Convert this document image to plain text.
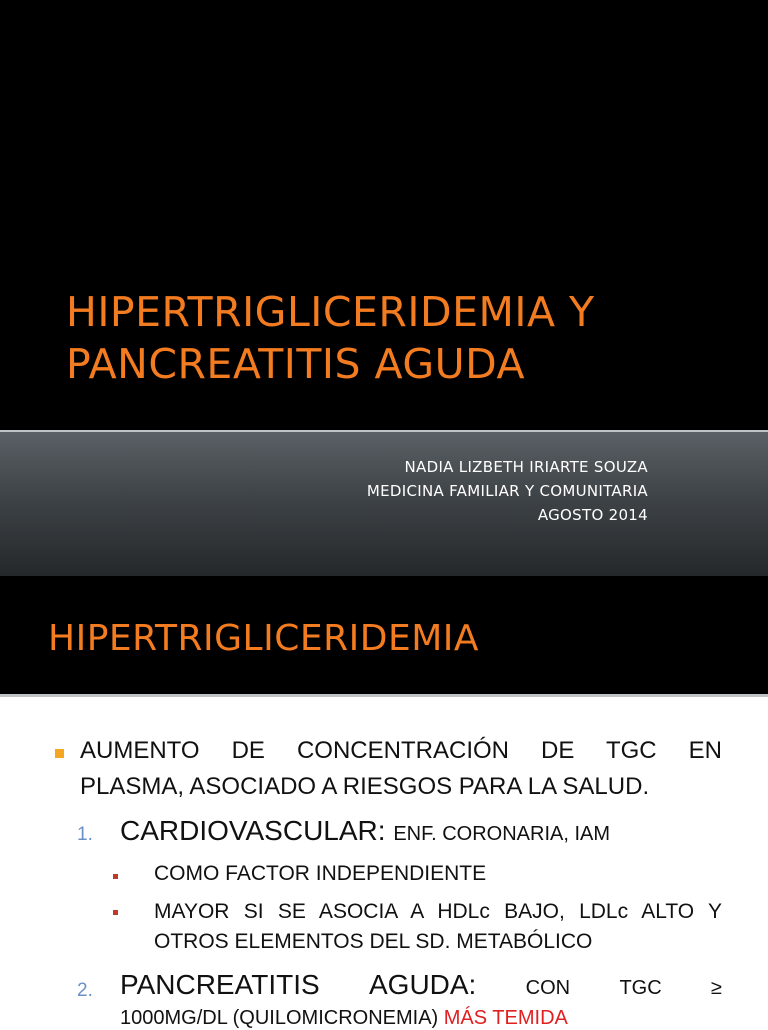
HIPERTRIGLICERIDEMIA Y
PANCREATITIS AGUDA
NADIA LIZBETH IRIARTE SOUZA
MEDICINA FAMILIAR Y COMUNITARIA
AGOSTO 2014
HIPERTRIGLICERIDEMIA
AUMENTO DE CONCENTRACIÓN DE TGC EN
PLASMA, ASOCIADO A RIESGOS PARA LA SALUD.
1. CARDIOVASCULAR: ENF. CORONARIA, IAM
COMO FACTOR INDEPENDIENTE
MAYOR SI SE ASOCIA A HDLc BAJO, LDLc ALTO Y
OTROS ELEMENTOS DEL SD. METABÓLICO
2. PANCREATITIS AGUDA: CON TGC ≥
1000MG/DL (QUILOMICRONEMIA) MÁS TEMIDA
